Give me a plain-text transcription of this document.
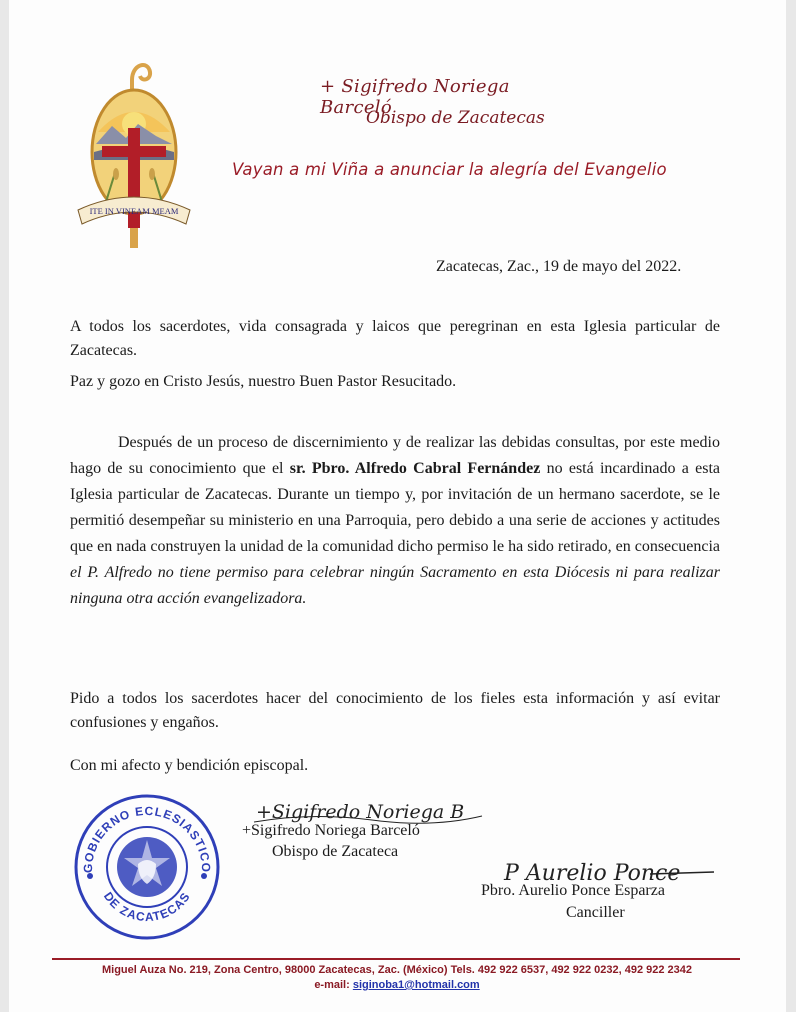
ITE IN VINEAM MEAM
+ Sigifredo Noriega Barceló
Obispo de Zacatecas
Vayan a mi Viña a anunciar la alegría del Evangelio
Zacatecas, Zac., 19 de mayo del 2022.
A todos los sacerdotes, vida consagrada y laicos que peregrinan en esta Iglesia particular de Zacatecas.
Paz y gozo en Cristo Jesús, nuestro Buen Pastor Resucitado.
Después de un proceso de discernimiento y de realizar las debidas consultas, por este medio hago de su conocimiento que el sr. Pbro. Alfredo Cabral Fernández no está incardinado a esta Iglesia particular de Zacatecas. Durante un tiempo y, por invitación de un hermano sacerdote, se le permitió desempeñar su ministerio en una Parroquia, pero debido a una serie de acciones y actitudes que en nada construyen la unidad de la comunidad dicho permiso le ha sido retirado, en consecuencia el P. Alfredo no tiene permiso para celebrar ningún Sacramento en esta Diócesis ni para realizar ninguna otra acción evangelizadora.
Pido a todos los sacerdotes hacer del conocimiento de los fieles esta información y así evitar confusiones y engaños.
Con mi afecto y bendición episcopal.
GOBIERNO ECLESIASTICO
DE ZACATECAS
+Sigifredo Noriega B
+Sigifredo Noriega Barceló
Obispo de Zacateca
P Aurelio Ponce
Pbro. Aurelio Ponce Esparza
Canciller
Miguel Auza No. 219, Zona Centro, 98000 Zacatecas, Zac. (México) Tels. 492 922 6537, 492 922 0232, 492 922 2342
e-mail: siginoba1@hotmail.com
